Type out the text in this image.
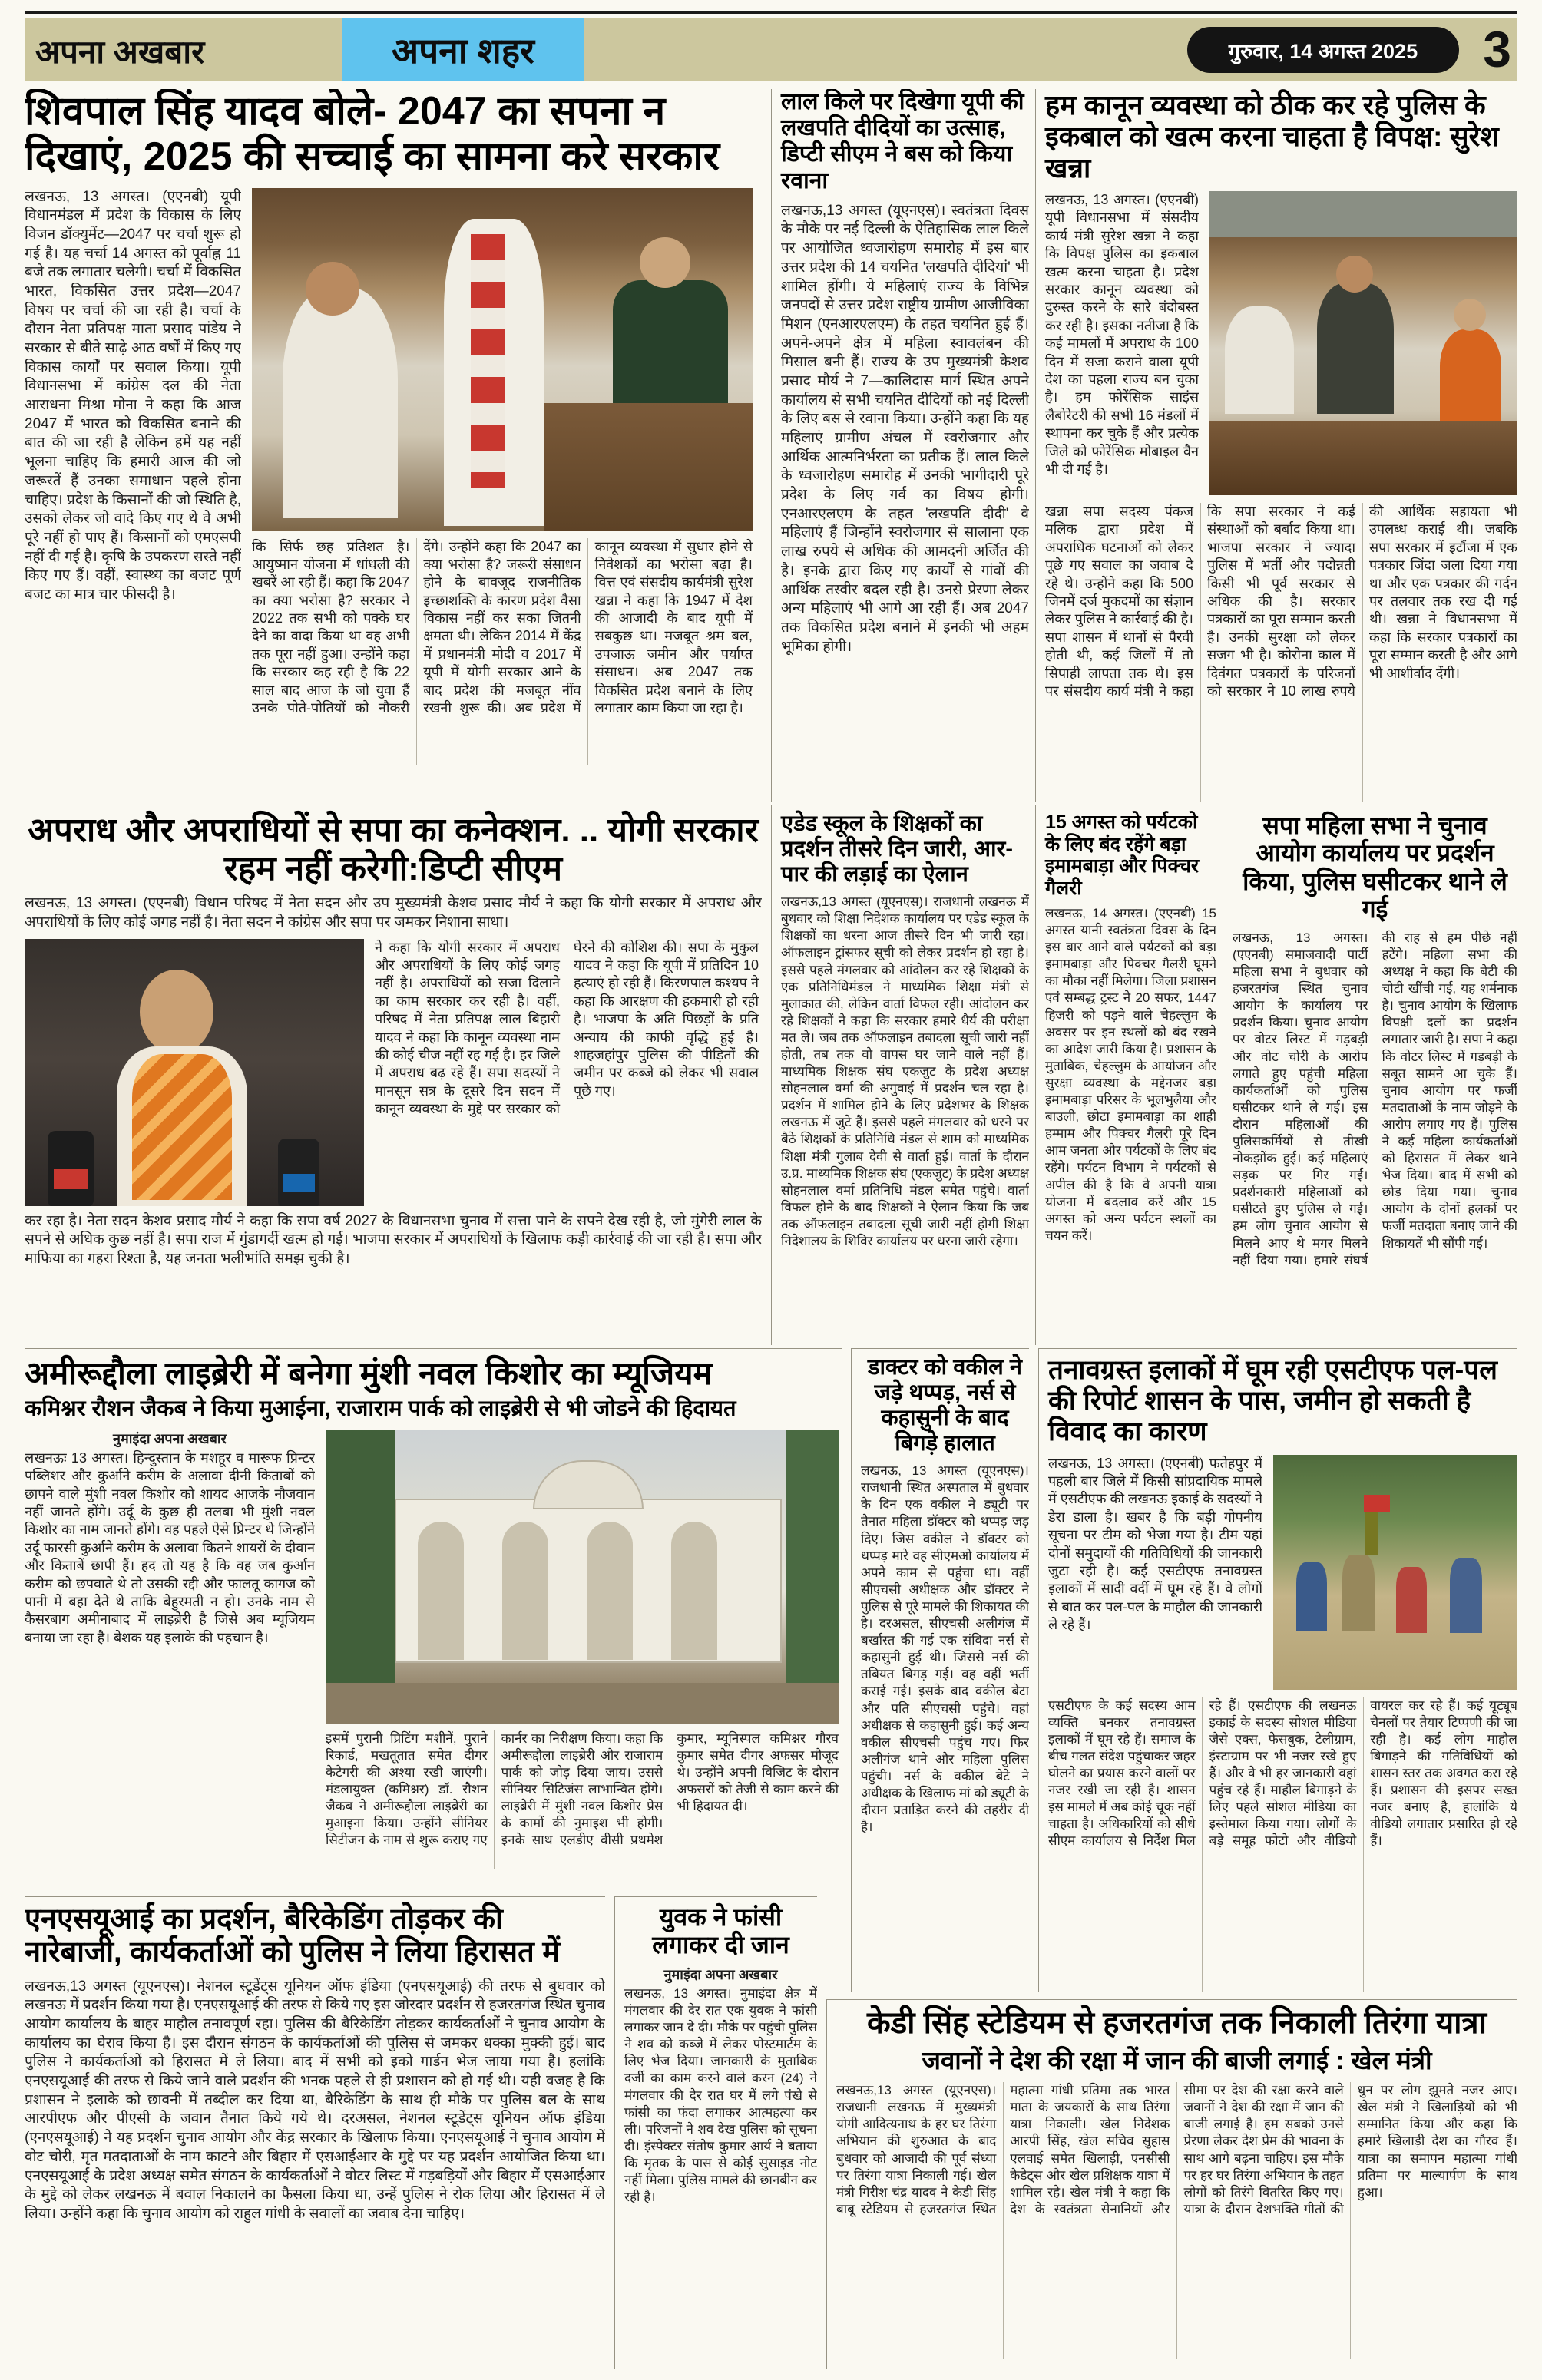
अपना अखबार	अपना शहर	गुरुवार, 14 अगस्त 2025	3
शिवपाल सिंह यादव बोले- 2047 का सपना न दिखाएं, 2025 की सच्चाई का सामना करे सरकार
लखनऊ, 13 अगस्त। (एएनबी) यूपी विधानमंडल में प्रदेश के विकास के लिए विजन डॉक्युमेंट—2047 पर चर्चा शुरू हो गई है। यह चर्चा 14 अगस्त को पूर्वाह्न 11 बजे तक लगातार चलेगी। चर्चा में विकसित भारत, विकसित उत्तर प्रदेश—2047 विषय पर चर्चा की जा रही है। चर्चा के दौरान नेता प्रतिपक्ष माता प्रसाद पांडेय ने सरकार से बीते साढ़े आठ वर्षों में किए गए विकास कार्यों पर सवाल किया। यूपी विधानसभा में कांग्रेस दल की नेता आराधना मिश्रा मोना ने कहा कि आज 2047 में भारत को विकसित बनाने की बात की जा रही है लेकिन हमें यह नहीं भूलना चाहिए कि हमारी आज की जो जरूरतें हैं उनका समाधान पहले होना चाहिए। प्रदेश के किसानों की जो स्थिति है, उसको लेकर जो वादे किए गए थे वे अभी पूरे नहीं हो पाए हैं। किसानों को एमएसपी नहीं दी गई है। कृषि के उपकरण सस्ते नहीं किए गए हैं। वहीं, स्वास्थ्य का बजट पूर्ण बजट का मात्र चार फीसदी है।
कि सिर्फ छह प्रतिशत है। आयुष्मान योजना में धांधली की खबरें आ रही हैं। कहा कि 2047 का क्या भरोसा है? सरकार ने 2022 तक सभी को पक्के घर देने का वादा किया था वह अभी तक पूरा नहीं हुआ। उन्होंने कहा कि सरकार कह रही है कि 22 साल बाद आज के जो युवा हैं उनके पोते-पोतियों को नौकरी देंगे। उन्होंने कहा कि 2047 का क्या भरोसा है? जरूरी संसाधन होने के बावजूद राजनीतिक इच्छाशक्ति के कारण प्रदेश वैसा विकास नहीं कर सका जितनी क्षमता थी। लेकिन 2014 में केंद्र में प्रधानमंत्री मोदी व 2017 में यूपी में योगी सरकार आने के बाद प्रदेश की मजबूत नींव रखनी शुरू की। अब प्रदेश में कानून व्यवस्था में सुधार होने से निवेशकों का भरोसा बढ़ा है। वित्त एवं संसदीय कार्यमंत्री सुरेश खन्ना ने कहा कि 1947 में देश की आजादी के बाद यूपी में सबकुछ था। मजबूत श्रम बल, उपजाऊ जमीन और पर्याप्त संसाधन। अब 2047 तक विकसित प्रदेश बनाने के लिए लगातार काम किया जा रहा है।
लाल किले पर दिखेगा यूपी की लखपति दीदियों का उत्साह, डिप्टी सीएम ने बस को किया रवाना
लखनऊ,13 अगस्त (यूएनएस)। स्वतंत्रता दिवस के मौके पर नई दिल्ली के ऐतिहासिक लाल किले पर आयोजित ध्वजारोहण समारोह में इस बार उत्तर प्रदेश की 14 चयनित 'लखपति दीदियां' भी शामिल होंगी। ये महिलाएं राज्य के विभिन्न जनपदों से उत्तर प्रदेश राष्ट्रीय ग्रामीण आजीविका मिशन (एनआरएलएम) के तहत चयनित हुई हैं। अपने-अपने क्षेत्र में महिला स्वावलंबन की मिसाल बनी हैं। राज्य के उप मुख्यमंत्री केशव प्रसाद मौर्य ने 7—कालिदास मार्ग स्थित अपने कार्यालय से सभी चयनित दीदियों को नई दिल्ली के लिए बस से रवाना किया। उन्होंने कहा कि यह महिलाएं ग्रामीण अंचल में स्वरोजगार और आर्थिक आत्मनिर्भरता का प्रतीक हैं। लाल किले के ध्वजारोहण समारोह में उनकी भागीदारी पूरे प्रदेश के लिए गर्व का विषय होगी। एनआरएलएम के तहत 'लखपति दीदी' वे महिलाएं हैं जिन्होंने स्वरोजगार से सालाना एक लाख रुपये से अधिक की आमदनी अर्जित की है। इनके द्वारा किए गए कार्यों से गांवों की आर्थिक तस्वीर बदल रही है। उनसे प्रेरणा लेकर अन्य महिलाएं भी आगे आ रही हैं। अब 2047 तक विकसित प्रदेश बनाने में इनकी भी अहम भूमिका होगी।
हम कानून व्यवस्था को ठीक कर रहे पुलिस के इकबाल को खत्म करना चाहता है विपक्ष: सुरेश खन्ना
लखनऊ, 13 अगस्त। (एएनबी) यूपी विधानसभा में संसदीय कार्य मंत्री सुरेश खन्ना ने कहा कि विपक्ष पुलिस का इकबाल खत्म करना चाहता है। प्रदेश सरकार कानून व्यवस्था को दुरुस्त करने के सारे बंदोबस्त कर रही है। इसका नतीजा है कि कई मामलों में अपराध के 100 दिन में सजा कराने वाला यूपी देश का पहला राज्य बन चुका है। हम फोरेंसिक साइंस लैबोरेटरी की सभी 16 मंडलों में स्थापना कर चुके हैं और प्रत्येक जिले को फोरेंसिक मोबाइल वैन भी दी गई है।
खन्ना सपा सदस्य पंकज मलिक द्वारा प्रदेश में अपराधिक घटनाओं को लेकर पूछे गए सवाल का जवाब दे रहे थे। उन्होंने कहा कि 500 जिनमें दर्ज मुकदमों का संज्ञान लेकर पुलिस ने कार्रवाई की है। सपा शासन में थानों से पैरवी होती थी, कई जिलों में तो सिपाही लापता तक थे। इस पर संसदीय कार्य मंत्री ने कहा कि सपा सरकार ने कई संस्थाओं को बर्बाद किया था। भाजपा सरकार ने ज्यादा पुलिस में भर्ती और पदोन्नती किसी भी पूर्व सरकार से अधिक की है। सरकार पत्रकारों का पूरा सम्मान करती है। उनकी सुरक्षा को लेकर सजग भी है। कोरोना काल में दिवंगत पत्रकारों के परिजनों को सरकार ने 10 लाख रुपये की आर्थिक सहायता भी उपलब्ध कराई थी। जबकि सपा सरकार में इटौंजा में एक पत्रकार जिंदा जला दिया गया था और एक पत्रकार की गर्दन पर तलवार तक रख दी गई थी। खन्ना ने विधानसभा में कहा कि सरकार पत्रकारों का पूरा सम्मान करती है और आगे भी आशीर्वाद देंगी।
अपराध और अपराधियों से सपा का कनेक्शन. .. योगी सरकार रहम नहीं करेगी:डिप्टी सीएम
लखनऊ, 13 अगस्त। (एएनबी) विधान परिषद में नेता सदन और उप मुख्यमंत्री केशव प्रसाद मौर्य ने कहा कि योगी सरकार में अपराध और अपराधियों के लिए कोई जगह नहीं है। नेता सदन ने कांग्रेस और सपा पर जमकर निशाना साधा।
ने कहा कि योगी सरकार में अपराध और अपराधियों के लिए कोई जगह नहीं है। अपराधियों को सजा दिलाने का काम सरकार कर रही है। वहीं, परिषद में नेता प्रतिपक्ष लाल बिहारी यादव ने कहा कि कानून व्यवस्था नाम की कोई चीज नहीं रह गई है। हर जिले में अपराध बढ़ रहे हैं। सपा सदस्यों ने मानसून सत्र के दूसरे दिन सदन में कानून व्यवस्था के मुद्दे पर सरकार को घेरने की कोशिश की। सपा के मुकुल यादव ने कहा कि यूपी में प्रतिदिन 10 हत्याएं हो रही हैं। किरणपाल कश्यप ने कहा कि आरक्षण की हकमारी हो रही है। भाजपा के अति पिछड़ों के प्रति अन्याय की काफी वृद्धि हुई है। शाहजहांपुर पुलिस की पीड़ितों की जमीन पर कब्जे को लेकर भी सवाल पूछे गए।
कर रहा है। नेता सदन केशव प्रसाद मौर्य ने कहा कि सपा वर्ष 2027 के विधानसभा चुनाव में सत्ता पाने के सपने देख रही है, जो मुंगेरी लाल के सपने से अधिक कुछ नहीं है। सपा राज में गुंडागर्दी खत्म हो गई। भाजपा सरकार में अपराधियों के खिलाफ कड़ी कार्रवाई की जा रही है। सपा और माफिया का गहरा रिश्ता है, यह जनता भलीभांति समझ चुकी है।
एडेड स्कूल के शिक्षकों का प्रदर्शन तीसरे दिन जारी, आर-पार की लड़ाई का ऐलान
लखनऊ,13 अगस्त (यूएनएस)। राजधानी लखनऊ में बुधवार को शिक्षा निदेशक कार्यालय पर एडेड स्कूल के शिक्षकों का धरना आज तीसरे दिन भी जारी रहा। ऑफलाइन ट्रांसफर सूची को लेकर प्रदर्शन हो रहा है। इससे पहले मंगलवार को आंदोलन कर रहे शिक्षकों के एक प्रतिनिधिमंडल ने माध्यमिक शिक्षा मंत्री से मुलाकात की, लेकिन वार्ता विफल रही। आंदोलन कर रहे शिक्षकों ने कहा कि सरकार हमारे धैर्य की परीक्षा मत ले। जब तक ऑफलाइन तबादला सूची जारी नहीं होती, तब तक वो वापस घर जाने वाले नहीं हैं। माध्यमिक शिक्षक संघ एकजुट के प्रदेश अध्यक्ष सोहनलाल वर्मा की अगुवाई में प्रदर्शन चल रहा है। प्रदर्शन में शामिल होने के लिए प्रदेशभर के शिक्षक लखनऊ में जुटे हैं। इससे पहले मंगलवार को धरने पर बैठे शिक्षकों के प्रतिनिधि मंडल से शाम को माध्यमिक शिक्षा मंत्री गुलाब देवी से वार्ता हुई। वार्ता के दौरान उ.प्र. माध्यमिक शिक्षक संघ (एकजुट) के प्रदेश अध्यक्ष सोहनलाल वर्मा प्रतिनिधि मंडल समेत पहुंचे। वार्ता विफल होने के बाद शिक्षकों ने ऐलान किया कि जब तक ऑफलाइन तबादला सूची जारी नहीं होगी शिक्षा निदेशालय के शिविर कार्यालय पर धरना जारी रहेगा।
15 अगस्त को पर्यटको के लिए बंद रहेंगे बड़ा इमामबाड़ा और पिक्चर गैलरी
लखनऊ, 14 अगस्त। (एएनबी) 15 अगस्त यानी स्वतंत्रता दिवस के दिन इस बार आने वाले पर्यटकों को बड़ा इमामबाड़ा और पिक्चर गैलरी घूमने का मौका नहीं मिलेगा। जिला प्रशासन एवं सम्बद्ध ट्रस्ट ने 20 सफर, 1447 हिजरी को पड़ने वाले चेहल्लुम के अवसर पर इन स्थलों को बंद रखने का आदेश जारी किया है। प्रशासन के मुताबिक, चेहल्लुम के आयोजन और सुरक्षा व्यवस्था के मद्देनजर बड़ा इमामबाड़ा परिसर के भूलभुलैया और बाउली, छोटा इमामबाड़ा का शाही हम्माम और पिक्चर गैलरी पूरे दिन आम जनता और पर्यटकों के लिए बंद रहेंगे। पर्यटन विभाग ने पर्यटकों से अपील की है कि वे अपनी यात्रा योजना में बदलाव करें और 15 अगस्त को अन्य पर्यटन स्थलों का चयन करें।
सपा महिला सभा ने चुनाव आयोग कार्यालय पर प्रदर्शन किया, पुलिस घसीटकर थाने ले गई
लखनऊ, 13 अगस्त। (एएनबी) समाजवादी पार्टी महिला सभा ने बुधवार को हजरतगंज स्थित चुनाव आयोग के कार्यालय पर प्रदर्शन किया। चुनाव आयोग पर वोटर लिस्ट में गड़बड़ी और वोट चोरी के आरोप लगाते हुए पहुंची महिला कार्यकर्ताओं को पुलिस घसीटकर थाने ले गई। इस दौरान महिलाओं की पुलिसकर्मियों से तीखी नोकझोंक हुई। कई महिलाएं सड़क पर गिर गईं। प्रदर्शनकारी महिलाओं को घसीटते हुए पुलिस ले गई। हम लोग चुनाव आयोग से मिलने आए थे मगर मिलने नहीं दिया गया। हमारे संघर्ष की राह से हम पीछे नहीं हटेंगे। महिला सभा की अध्यक्ष ने कहा कि बेटी की चोटी खींची गई, यह शर्मनाक है। चुनाव आयोग के खिलाफ विपक्षी दलों का प्रदर्शन लगातार जारी है। सपा ने कहा कि वोटर लिस्ट में गड़बड़ी के सबूत सामने आ चुके हैं। चुनाव आयोग पर फर्जी मतदाताओं के नाम जोड़ने के आरोप लगाए गए हैं। पुलिस ने कई महिला कार्यकर्ताओं को हिरासत में लेकर थाने भेज दिया। बाद में सभी को छोड़ दिया गया। चुनाव आयोग के दोनों हलकों पर फर्जी मतदाता बनाए जाने की शिकायतें भी सौंपी गईं।
अमीरूद्दौला लाइब्रेरी में बनेगा मुंशी नवल किशोर का म्यूजियम
कमिश्नर रौशन जैकब ने किया मुआईना, राजाराम पार्क को लाइब्रेरी से भी जोडने की हिदायत
नुमाइंदा अपना अखबार
लखनऊः 13 अगस्त। हिन्दुस्तान के मशहूर व मारूफ प्रिन्टर पब्लिशर और कुर्आने करीम के अलावा दीनी किताबों को छापने वाले मुंशी नवल किशोर को शायद आजके नौजवान नहीं जानते होंगे। उर्दू के कुछ ही तलबा भी मुंशी नवल किशोर का नाम जानते होंगे। वह पहले ऐसे प्रिन्टर थे जिन्होंने उर्दू फारसी कुर्आने करीम के अलावा कितने शायरों के दीवान और किताबें छापी हैं। हद तो यह है कि वह जब कुर्आन करीम को छपवाते थे तो उसकी रद्दी और फालतू कागज को पानी में बहा देते थे ताकि बेहुरमती न हो। उनके नाम से कैसरबाग अमीनाबाद में लाइब्रेरी है जिसे अब म्यूजियम बनाया जा रहा है। बेशक यह इलाके की पहचान है।
इसमें पुरानी प्रिटिंग मशीनें, पुराने रिकार्ड, मखतूतात समेत दीगर केटेगरी की अश्या रखी जाएंगी। मंडलायुक्त (कमिश्नर) डॉ. रौशन जैकब ने अमीरूद्दौला लाइब्रेरी का मुआइना किया। उन्होंने सीनियर सिटीजन के नाम से शुरू कराए गए कार्नर का निरीक्षण किया। कहा कि अमीरूद्दौला लाइब्रेरी और राजाराम पार्क को जोड़ दिया जाय। उससे सीनियर सिटिजंस लाभान्वित होंगे। लाइब्रेरी में मुंशी नवल किशोर प्रेस के कामों की नुमाइश भी होगी। इनके साथ एलडीए वीसी प्रथमेश कुमार, म्यूनिस्पल कमिश्नर गौरव कुमार समेत दीगर अफसर मौजूद थे। उन्होंने अपनी विजिट के दौरान अफसरों को तेजी से काम करने की भी हिदायत दी।
डाक्टर को वकील ने जड़े थप्पड़, नर्स से कहासुनी के बाद बिगड़े हालात
लखनऊ, 13 अगस्त (यूएनएस)। राजधानी स्थित अस्पताल में बुधवार के दिन एक वकील ने ड्यूटी पर तैनात महिला डॉक्टर को थप्पड़ जड़ दिए। जिस वकील ने डॉक्टर को थप्पड़ मारे वह सीएमओ कार्यालय में अपने काम से पहुंचा था। वहीं सीएचसी अधीक्षक और डॉक्टर ने पुलिस से पूरे मामले की शिकायत की है। दरअसल, सीएचसी अलीगंज में बर्खास्त की गई एक संविदा नर्स से कहासुनी हुई थी। जिससे नर्स की तबियत बिगड़ गई। वह वहीं भर्ती कराई गई। इसके बाद वकील बेटा और पति सीएचसी पहुंचे। वहां अधीक्षक से कहासुनी हुई। कई अन्य वकील सीएचसी पहुंच गए। फिर अलीगंज थाने और महिला पुलिस पहुंची। नर्स के वकील बेटे ने अधीक्षक के खिलाफ मां को ड्यूटी के दौरान प्रताड़ित करने की तहरीर दी है।
तनावग्रस्त इलाकों में घूम रही एसटीएफ पल-पल की रिपोर्ट शासन के पास, जमीन हो सकती है विवाद का कारण
लखनऊ, 13 अगस्त। (एएनबी) फतेहपुर में पहली बार जिले में किसी सांप्रदायिक मामले में एसटीएफ की लखनऊ इकाई के सदस्यों ने डेरा डाला है। खबर है कि बड़ी गोपनीय सूचना पर टीम को भेजा गया है। टीम यहां दोनों समुदायों की गतिविधियों की जानकारी जुटा रही है। कई एसटीएफ तनावग्रस्त इलाकों में सादी वर्दी में घूम रहे हैं। वे लोगों से बात कर पल-पल के माहौल की जानकारी ले रहे हैं।
एसटीएफ के कई सदस्य आम व्यक्ति बनकर तनावग्रस्त इलाकों में घूम रहे हैं। समाज के बीच गलत संदेश पहुंचाकर जहर घोलने का प्रयास करने वालों पर नजर रखी जा रही है। शासन इस मामले में अब कोई चूक नहीं चाहता है। अधिकारियों को सीधे सीएम कार्यालय से निर्देश मिल रहे हैं। एसटीएफ की लखनऊ इकाई के सदस्य सोशल मीडिया जैसे एक्स, फेसबुक, टेलीग्राम, इंस्टाग्राम पर भी नजर रखे हुए हैं। और वे भी हर जानकारी वहां पहुंच रहे हैं। माहौल बिगाड़ने के लिए पहले सोशल मीडिया का इस्तेमाल किया गया। लोगों के बड़े समूह फोटो और वीडियो वायरल कर रहे हैं। कई यूट्यूब चैनलों पर तैयार टिप्पणी की जा रही है। कई लोग माहौल बिगाड़ने की गतिविधियों को शासन स्तर तक अवगत करा रहे हैं। प्रशासन की इसपर सख्त नजर बनाए है, हालांकि ये वीडियो लगातार प्रसारित हो रहे हैं।
एनएसयूआई का प्रदर्शन, बैरिकेडिंग तोड़कर की नारेबाजी, कार्यकर्ताओं को पुलिस ने लिया हिरासत में
लखनऊ,13 अगस्त (यूएनएस)। नेशनल स्टूडेंट्स यूनियन ऑफ इंडिया (एनएसयूआई) की तरफ से बुधवार को लखनऊ में प्रदर्शन किया गया है। एनएसयूआई की तरफ से किये गए इस जोरदार प्रदर्शन से हजरतगंज स्थित चुनाव आयोग कार्यालय के बाहर माहौल तनावपूर्ण रहा। पुलिस की बैरिकेडिंग तोड़कर कार्यकर्ताओं ने चुनाव आयोग के कार्यालय का घेराव किया है। इस दौरान संगठन के कार्यकर्ताओं की पुलिस से जमकर धक्का मुक्की हुई। बाद पुलिस ने कार्यकर्ताओं को हिरासत में ले लिया। बाद में सभी को इको गार्डन भेज जाया गया है। हलांकि एनएसयूआई की तरफ से किये जाने वाले प्रदर्शन की भनक पहले से ही प्रशासन को हो गई थी। यही वजह है कि प्रशासन ने इलाके को छावनी में तब्दील कर दिया था, बैरिकेडिंग के साथ ही मौके पर पुलिस बल के साथ आरपीएफ और पीएसी के जवान तैनात किये गये थे। दरअसल, नेशनल स्टूडेंट्स यूनियन ऑफ इंडिया (एनएसयूआई) ने यह प्रदर्शन चुनाव आयोग और केंद्र सरकार के खिलाफ किया। एनएसयूआई ने चुनाव आयोग में वोट चोरी, मृत मतदाताओं के नाम काटने और बिहार में एसआईआर के मुद्दे पर यह प्रदर्शन आयोजित किया था। एनएसयूआई के प्रदेश अध्यक्ष समेत संगठन के कार्यकर्ताओं ने वोटर लिस्ट में गड़बड़ियों और बिहार में एसआईआर के मुद्दे को लेकर लखनऊ में बवाल निकालने का फैसला किया था, उन्हें पुलिस ने रोक लिया और हिरासत में ले लिया। उन्होंने कहा कि चुनाव आयोग को राहुल गांधी के सवालों का जवाब देना चाहिए।
युवक ने फांसी लगाकर दी जान
नुमाइंदा अपना अखबार
लखनऊ, 13 अगस्त। नुमाइंदा क्षेत्र में मंगलवार की देर रात एक युवक ने फांसी लगाकर जान दे दी। मौके पर पहुंची पुलिस ने शव को कब्जे में लेकर पोस्टमार्टम के लिए भेज दिया। जानकारी के मुताबिक दर्जी का काम करने वाले करन (24) ने मंगलवार की देर रात घर में लगे पंखे से फांसी का फंदा लगाकर आत्महत्या कर ली। परिजनों ने शव देख पुलिस को सूचना दी। इंस्पेक्टर संतोष कुमार आर्य ने बताया कि मृतक के पास से कोई सुसाइड नोट नहीं मिला। पुलिस मामले की छानबीन कर रही है।
केडी सिंह स्टेडियम से हजरतगंज तक निकाली तिरंगा यात्रा
जवानों ने देश की रक्षा में जान की बाजी लगाई : खेल मंत्री
लखनऊ,13 अगस्त (यूएनएस)। राजधानी लखनऊ में मुख्यमंत्री योगी आदित्यनाथ के हर घर तिरंगा अभियान की शुरुआत के बाद बुधवार को आजादी की पूर्व संध्या पर तिरंगा यात्रा निकाली गई। खेल मंत्री गिरीश चंद्र यादव ने केडी सिंह बाबू स्टेडियम से हजरतगंज स्थित महात्मा गांधी प्रतिमा तक भारत माता के जयकारों के साथ तिरंगा यात्रा निकाली। खेल निदेशक आरपी सिंह, खेल सचिव सुहास एलवाई समेत खिलाड़ी, एनसीसी कैडेट्स और खेल प्रशिक्षक यात्रा में शामिल रहे। खेल मंत्री ने कहा कि देश के स्वतंत्रता सेनानियों और सीमा पर देश की रक्षा करने वाले जवानों ने देश की रक्षा में जान की बाजी लगाई है। हम सबको उनसे प्रेरणा लेकर देश प्रेम की भावना के साथ आगे बढ़ना चाहिए। इस मौके पर हर घर तिरंगा अभियान के तहत लोगों को तिरंगे वितरित किए गए। यात्रा के दौरान देशभक्ति गीतों की धुन पर लोग झूमते नजर आए। खेल मंत्री ने खिलाड़ियों को भी सम्मानित किया और कहा कि हमारे खिलाड़ी देश का गौरव हैं। यात्रा का समापन महात्मा गांधी प्रतिमा पर माल्यार्पण के साथ हुआ।
